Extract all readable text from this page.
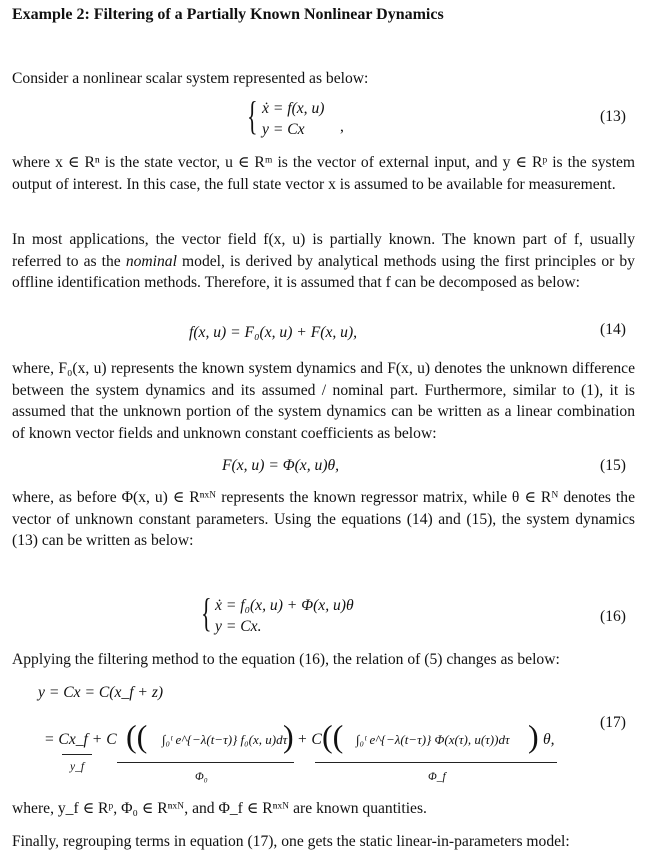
Example 2: Filtering of a Partially Known Nonlinear Dynamics
Consider a nonlinear scalar system represented as below:
{ ẋ = f(x, u)
y = Cx ,
(13)
where x ∈ Rⁿ is the state vector, u ∈ Rᵐ is the vector of external input, and y ∈ Rᵖ is the system output of interest. In this case, the full state vector x is assumed to be available for measurement.
In most applications, the vector field f(x, u) is partially known. The known part of f, usually referred to as the nominal model, is derived by analytical methods using the first principles or by offline identification methods. Therefore, it is assumed that f can be decomposed as below:
f(x, u) = F₀(x, u) + F(x, u),	(14)
where, F₀(x, u) represents the known system dynamics and F(x, u) denotes the unknown difference between the system dynamics and its assumed / nominal part. Furthermore, similar to (1), it is assumed that the unknown portion of the system dynamics can be written as a linear combination of known vector fields and unknown constant coefficients as below:
F(x, u) = Φ(x, u)θ,	(15)
where, as before Φ(x, u) ∈ Rⁿˣᴺ represents the known regressor matrix, while θ ∈ Rᴺ denotes the vector of unknown constant parameters. Using the equations (14) and (15), the system dynamics (13) can be written as below:
{ ẋ = f₀(x, u) + Φ(x, u)θ
y = Cx.
(16)
Applying the filtering method to the equation (16), the relation of (5) changes as below:
y = Cx = C(x_f + z)
= Cx_f + C (( ∫₀ᵗ e^{−λ(t−τ)} f₀(x, u)dτ
) + C (( ∫₀ᵗ e^{−λ(t−τ)} Φ(x(τ), u(τ))dτ ) θ,
y_f
Φ₀	Φ_f
(17)
where, y_f ∈ Rᵖ, Φ₀ ∈ Rⁿˣᴺ, and Φ_f ∈ Rⁿˣᴺ are known quantities.
Finally, regrouping terms in equation (17), one gets the static linear-in-parameters model:
